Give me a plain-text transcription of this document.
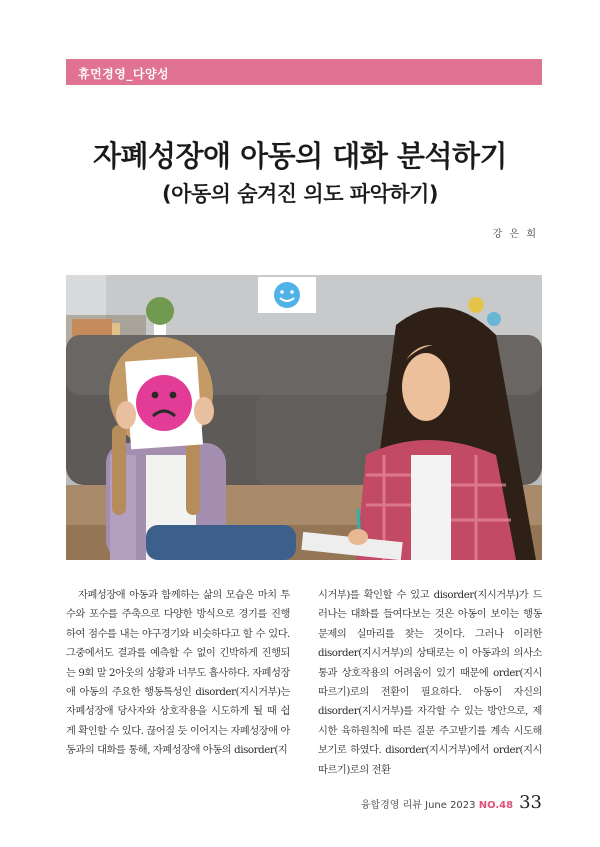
휴먼경영_다양성
자폐성장애 아동의 대화 분석하기
(아동의 숨겨진 의도 파악하기)
강 은 희
자폐성장애 아동과 함께하는 삶의 모습은 마치 투수와 포수를 주축으로 다양한 방식으로 경기를 진행하여 점수를 내는 야구경기와 비슷하다고 할 수 있다. 그중에서도 결과를 예측할 수 없이 긴박하게 진행되는 9회 말 2아웃의 상황과 너무도 흡사하다. 자폐성장애 아동의 주요한 행동특성인 disorder(지시거부)는 자폐성장애 당사자와 상호작용을 시도하게 될 때 쉽게 확인할 수 있다. 끊어질 듯 이어지는 자폐성장애 아동과의 대화를 통해, 자폐성장애 아동의 disorder(지
시거부)를 확인할 수 있고 disorder(지시거부)가 드러나는 대화를 들여다보는 것은 아동이 보이는 행동 문제의 실마리를 찾는 것이다. 그러나 이러한 disorder(지시거부)의 상태로는 이 아동과의 의사소통과 상호작용의 어려움이 있기 때문에 order(지시 따르기)로의 전환이 필요하다. 아동이 자신의 disorder(지시거부)를 자각할 수 있는 방안으로, 제시한 육하원칙에 따른 질문 주고받기를 계속 시도해보기로 하였다. disorder(지시거부)에서 order(지시 따르기)로의 전환
융합경영 리뷰 June 2023 NO.48 33
